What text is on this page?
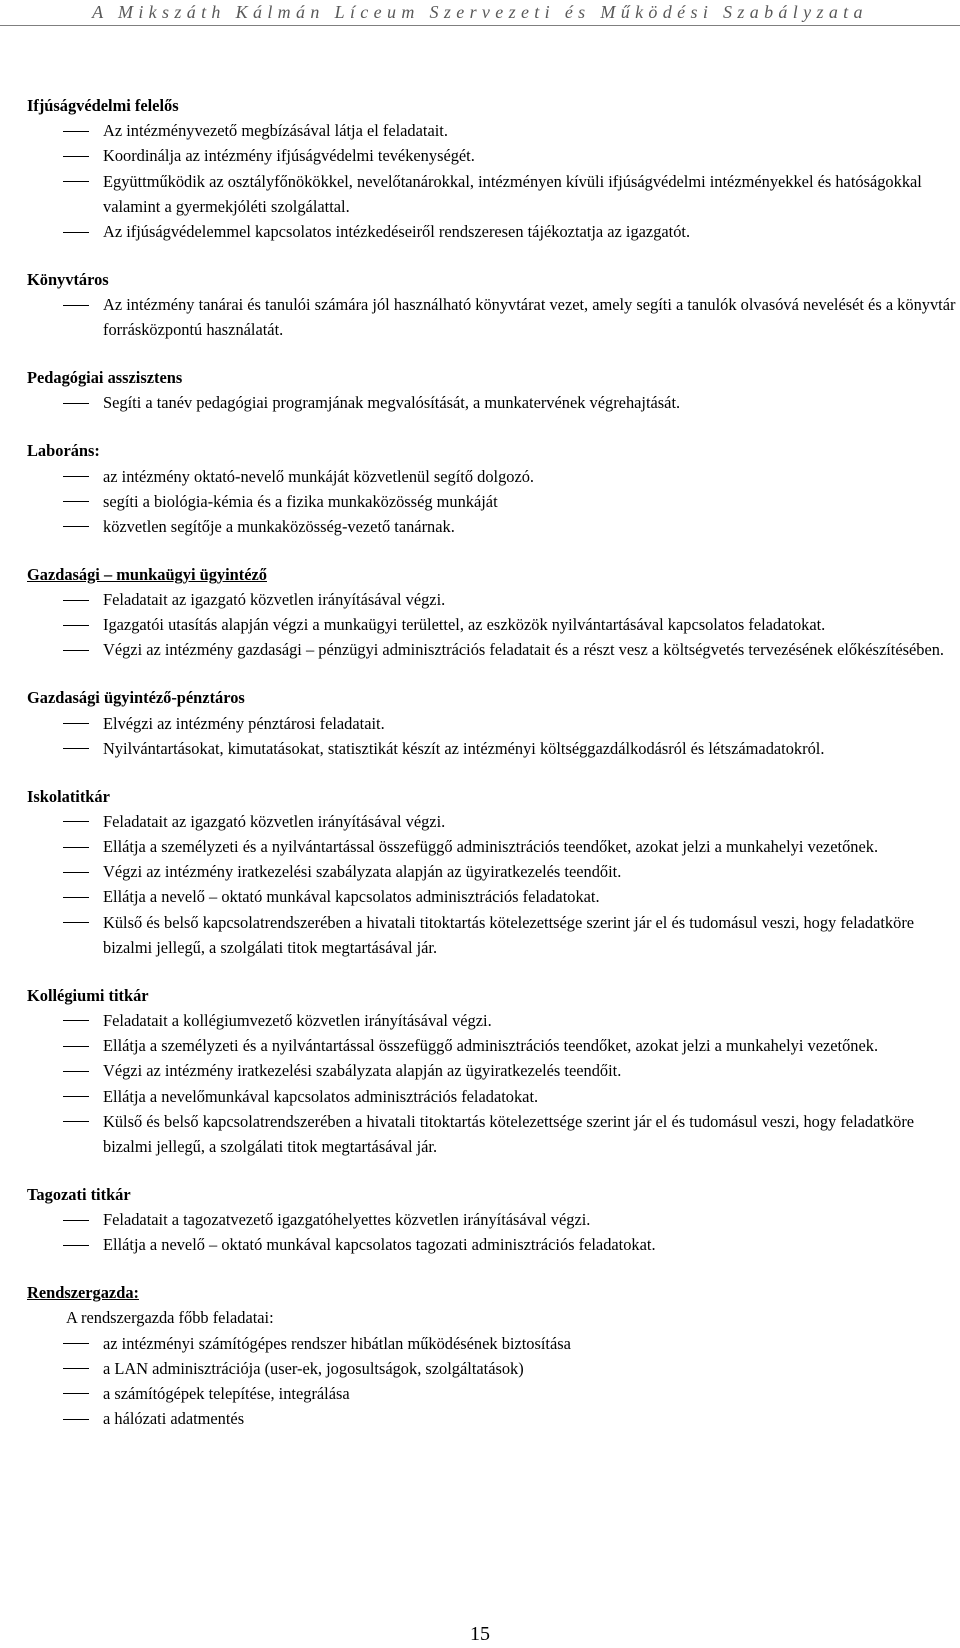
A Mikszáth Kálmán Líceum Szervezeti és Működési Szabályzata
Ifjúságvédelmi felelős
Az intézményvezető megbízásával látja el feladatait.
Koordinálja az intézmény ifjúságvédelmi tevékenységét.
Együttműködik az osztályfőnökökkel, nevelőtanárokkal, intézményen kívüli ifjúságvédelmi intézményekkel és hatóságokkal valamint a gyermekjóléti szolgálattal.
Az ifjúságvédelemmel kapcsolatos intézkedéseiről rendszeresen tájékoztatja az igazgatót.
Könyvtáros
Az intézmény tanárai és tanulói számára jól használható könyvtárat vezet, amely segíti a tanulók olvasóvá nevelését és a könyvtár forrásközpontú használatát.
Pedagógiai asszisztens
Segíti a tanév pedagógiai programjának megvalósítását, a munkatervének végrehajtását.
Laboráns:
az intézmény oktató-nevelő munkáját közvetlenül segítő dolgozó.
segíti a biológia-kémia és a fizika munkaközösség munkáját
közvetlen segítője a munkaközösség-vezető tanárnak.
Gazdasági – munkaügyi ügyintéző
Feladatait az igazgató közvetlen irányításával végzi.
Igazgatói utasítás alapján végzi a munkaügyi területtel, az eszközök nyilvántartásával kapcsolatos feladatokat.
Végzi az intézmény gazdasági – pénzügyi adminisztrációs feladatait és a részt vesz a költségvetés tervezésének előkészítésében.
Gazdasági ügyintéző-pénztáros
Elvégzi az intézmény pénztárosi feladatait.
Nyilvántartásokat, kimutatásokat, statisztikát készít az intézményi költséggazdálkodásról és létszámadatokról.
Iskolatitkár
Feladatait az igazgató közvetlen irányításával végzi.
Ellátja a személyzeti és a nyilvántartással összefüggő adminisztrációs teendőket, azokat jelzi a munkahelyi vezetőnek.
Végzi az intézmény iratkezelési szabályzata alapján az ügyiratkezelés teendőit.
Ellátja a nevelő – oktató munkával kapcsolatos adminisztrációs feladatokat.
Külső és belső kapcsolatrendszerében a hivatali titoktartás kötelezettsége szerint jár el és tudomásul veszi, hogy feladatköre bizalmi jellegű, a szolgálati titok megtartásával jár.
Kollégiumi titkár
Feladatait a kollégiumvezető közvetlen irányításával végzi.
Ellátja a személyzeti és a nyilvántartással összefüggő adminisztrációs teendőket, azokat jelzi a munkahelyi vezetőnek.
Végzi az intézmény iratkezelési szabályzata alapján az ügyiratkezelés teendőit.
Ellátja a nevelőmunkával kapcsolatos adminisztrációs feladatokat.
Külső és belső kapcsolatrendszerében a hivatali titoktartás kötelezettsége szerint jár el és tudomásul veszi, hogy feladatköre bizalmi jellegű, a szolgálati titok megtartásával jár.
Tagozati titkár
Feladatait a tagozatvezető igazgatóhelyettes közvetlen irányításával végzi.
Ellátja a nevelő – oktató munkával kapcsolatos tagozati adminisztrációs feladatokat.
Rendszergazda:
A rendszergazda főbb feladatai:
az intézményi számítógépes rendszer hibátlan működésének biztosítása
a LAN adminisztrációja (user-ek, jogosultságok, szolgáltatások)
a számítógépek telepítése, integrálása
a hálózati adatmentés
15
